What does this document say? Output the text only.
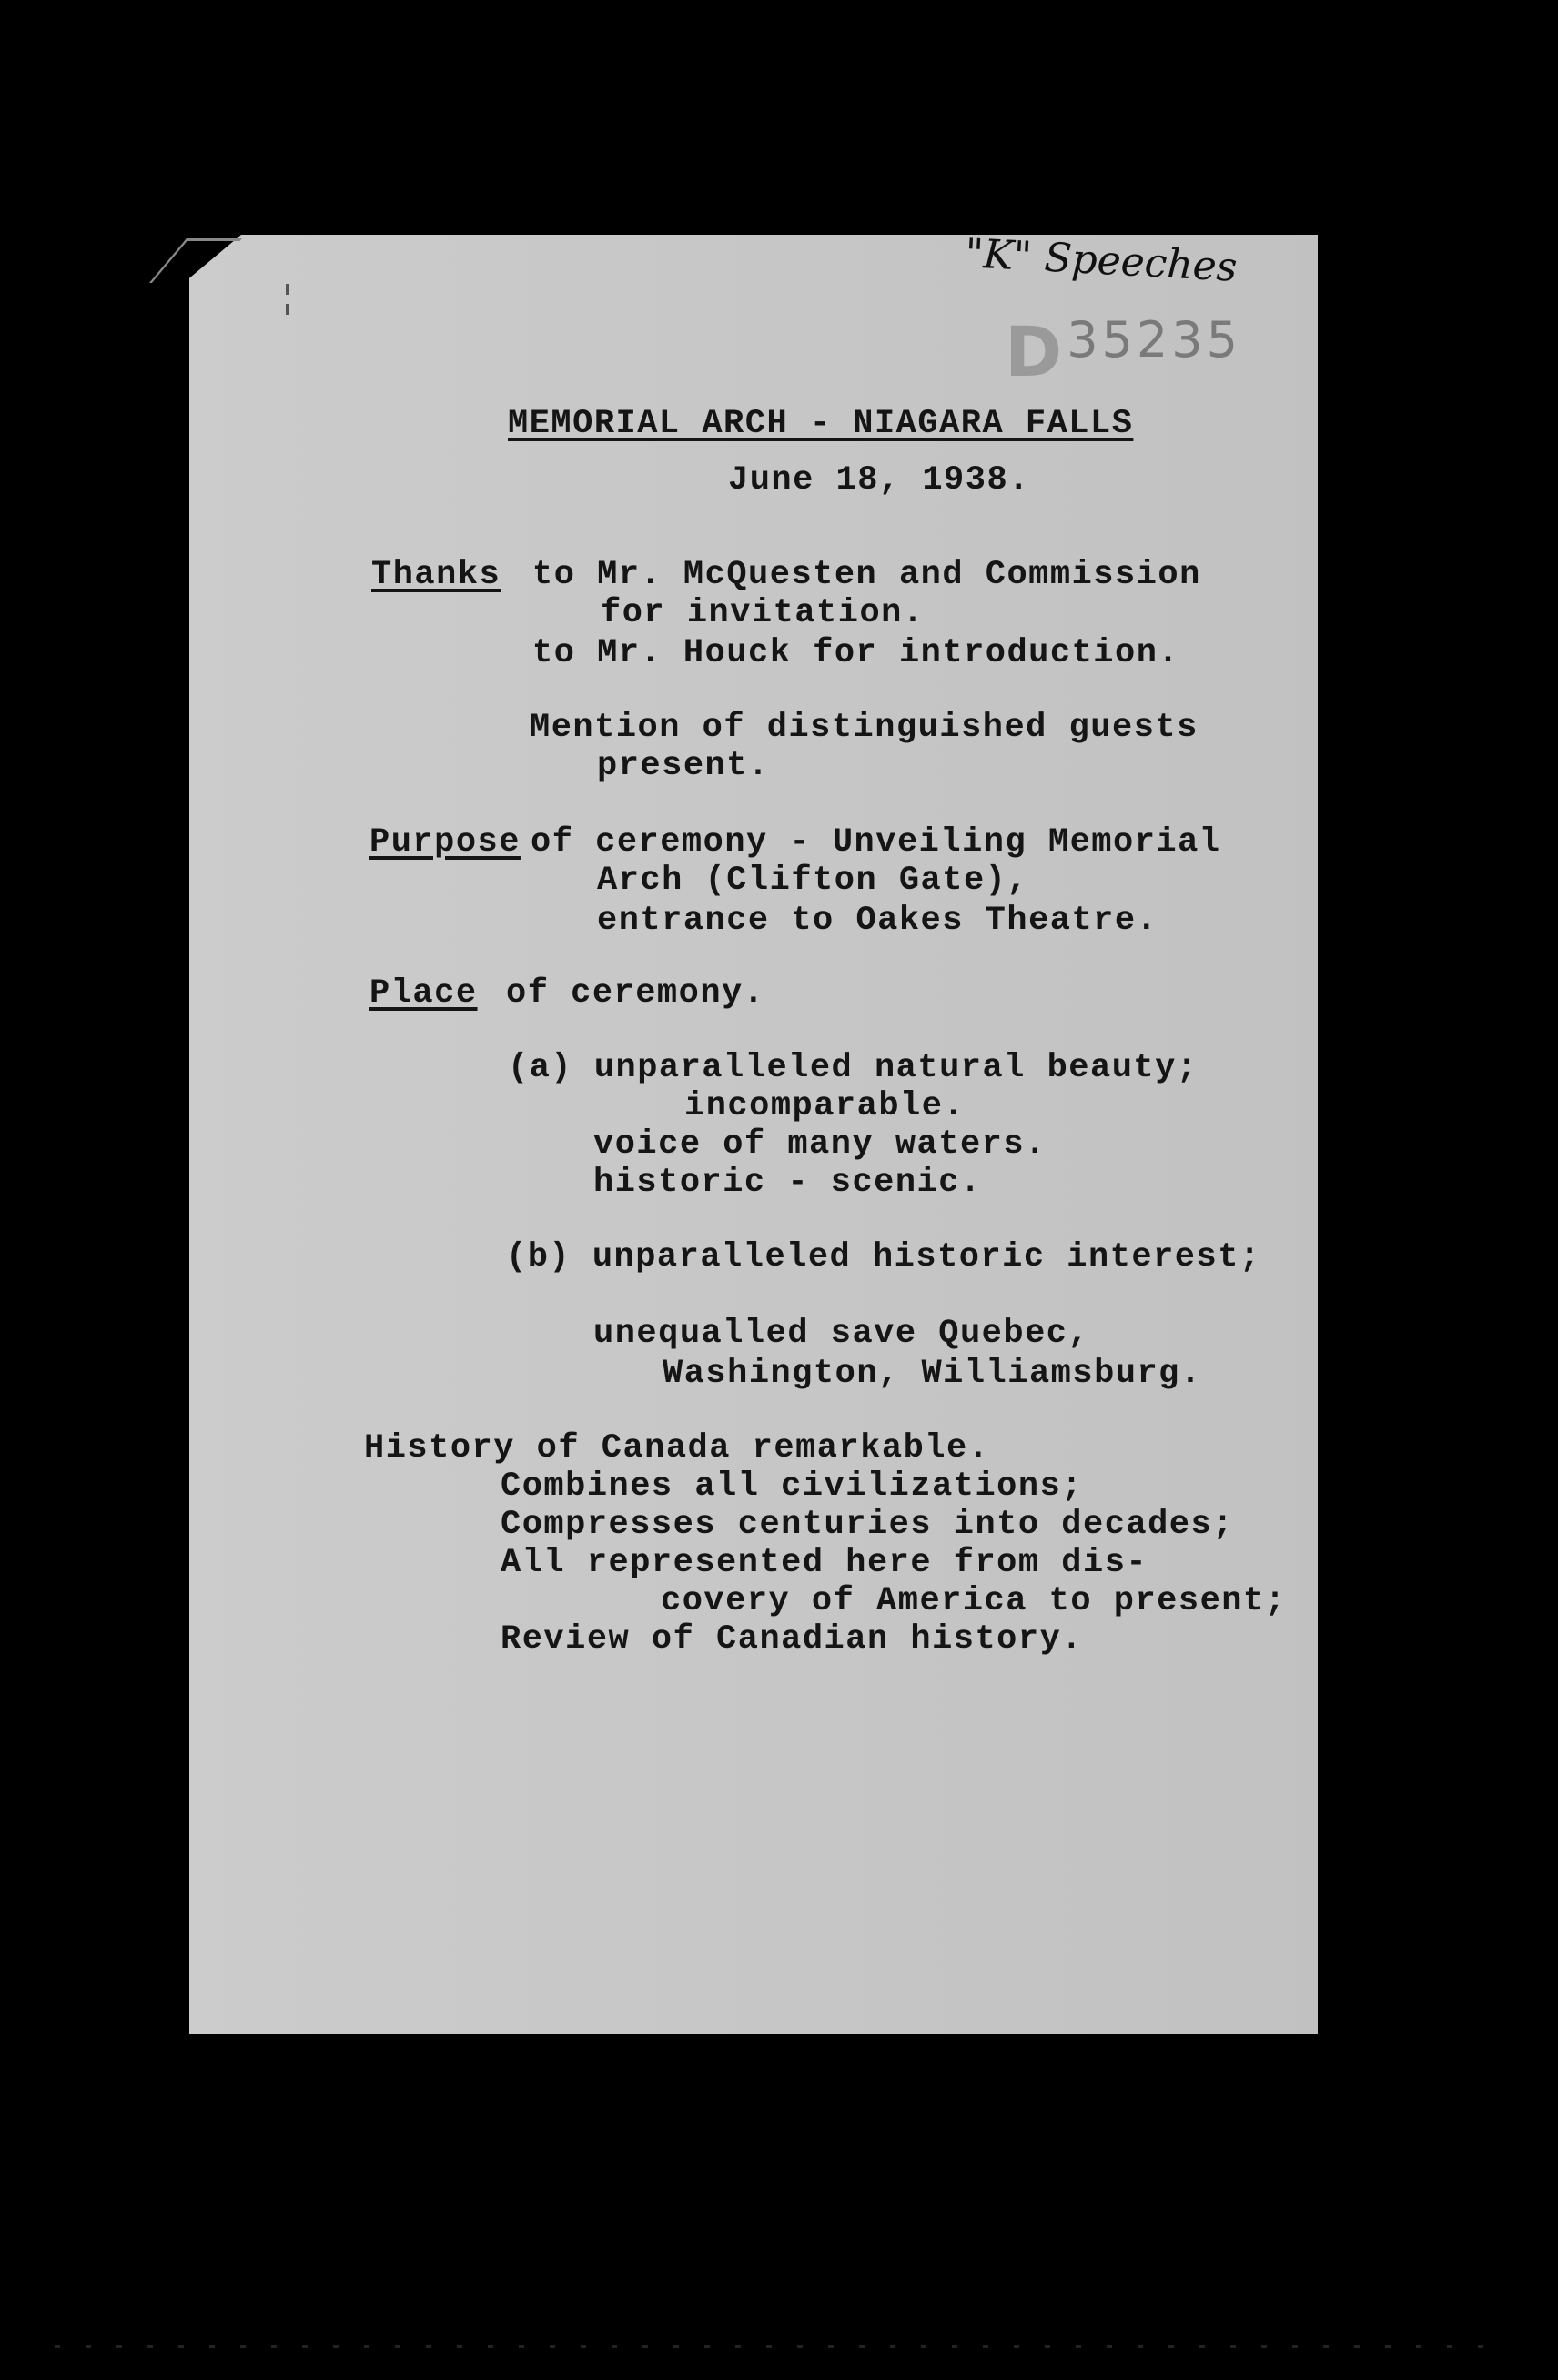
"K" Speeches
D 35235
MEMORIAL ARCH - NIAGARA FALLS
June 18, 1938.
Thanks to Mr. McQuesten and Commission
for invitation.
to Mr. Houck for introduction.
Mention of distinguished guests
present.
Purpose of ceremony - Unveiling Memorial
Arch (Clifton Gate),
entrance to Oakes Theatre.
Place of ceremony.
(a) unparalleled natural beauty;
incomparable.
voice of many waters.
historic - scenic.
(b) unparalleled historic interest;
unequalled save Quebec,
Washington, Williamsburg.
History of Canada remarkable.
Combines all civilizations;
Compresses centuries into decades;
All represented here from dis-
covery of America to present;
Review of Canadian history.
